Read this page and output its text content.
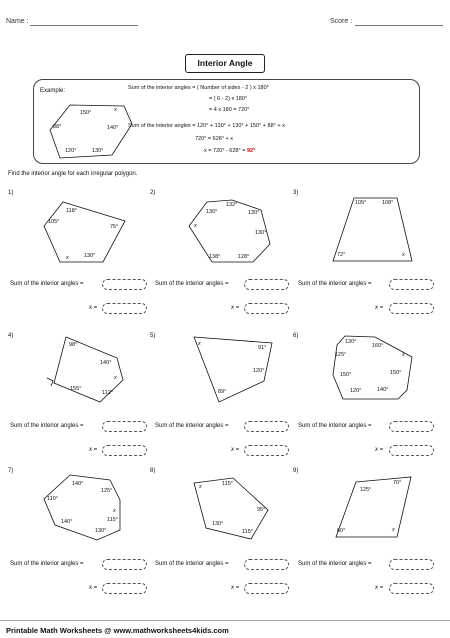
Name :	Score :
Interior Angle
Example:
150°	x
88°	140°
120°	130°
Sum of the interior angles = ( Number of sides - 2 ) x 180°
= ( 6 - 2) x 180°
= 4 x 180 = 720°
Sum of the interior angles = 120° + 130° + 130° + 150° + 88° + x
720° = 628° + x
x = 720° - 628° = 92°
Find the interior angle for each irregular polygon.
1)	2)	3)
4)	5)	6)
7)	8)	9)
118°
105°
75°
x	130°
132°
130°	130°
130°
138°	128°
x
105°	108°
72°	x
98°
140°
x
155°
112°
x
91°
120°
89°
130°
160°
125°	x
150°	150°
120°	140°
140°
125°
110°
x
140°	115°
130°
115°
x
95°
130°
115°
125°
70°
x
60°
Sum of the interior angles =
x =
Sum of the interior angles =
x =
Sum of the interior angles =
x =
Sum of the interior angles =
x =
Sum of the interior angles =
x =
Sum of the interior angles =
x =
Sum of the interior angles =
x =
Sum of the interior angles =
x =
Sum of the interior angles =
x =
Printable Math Worksheets @ www.mathworksheets4kids.com
